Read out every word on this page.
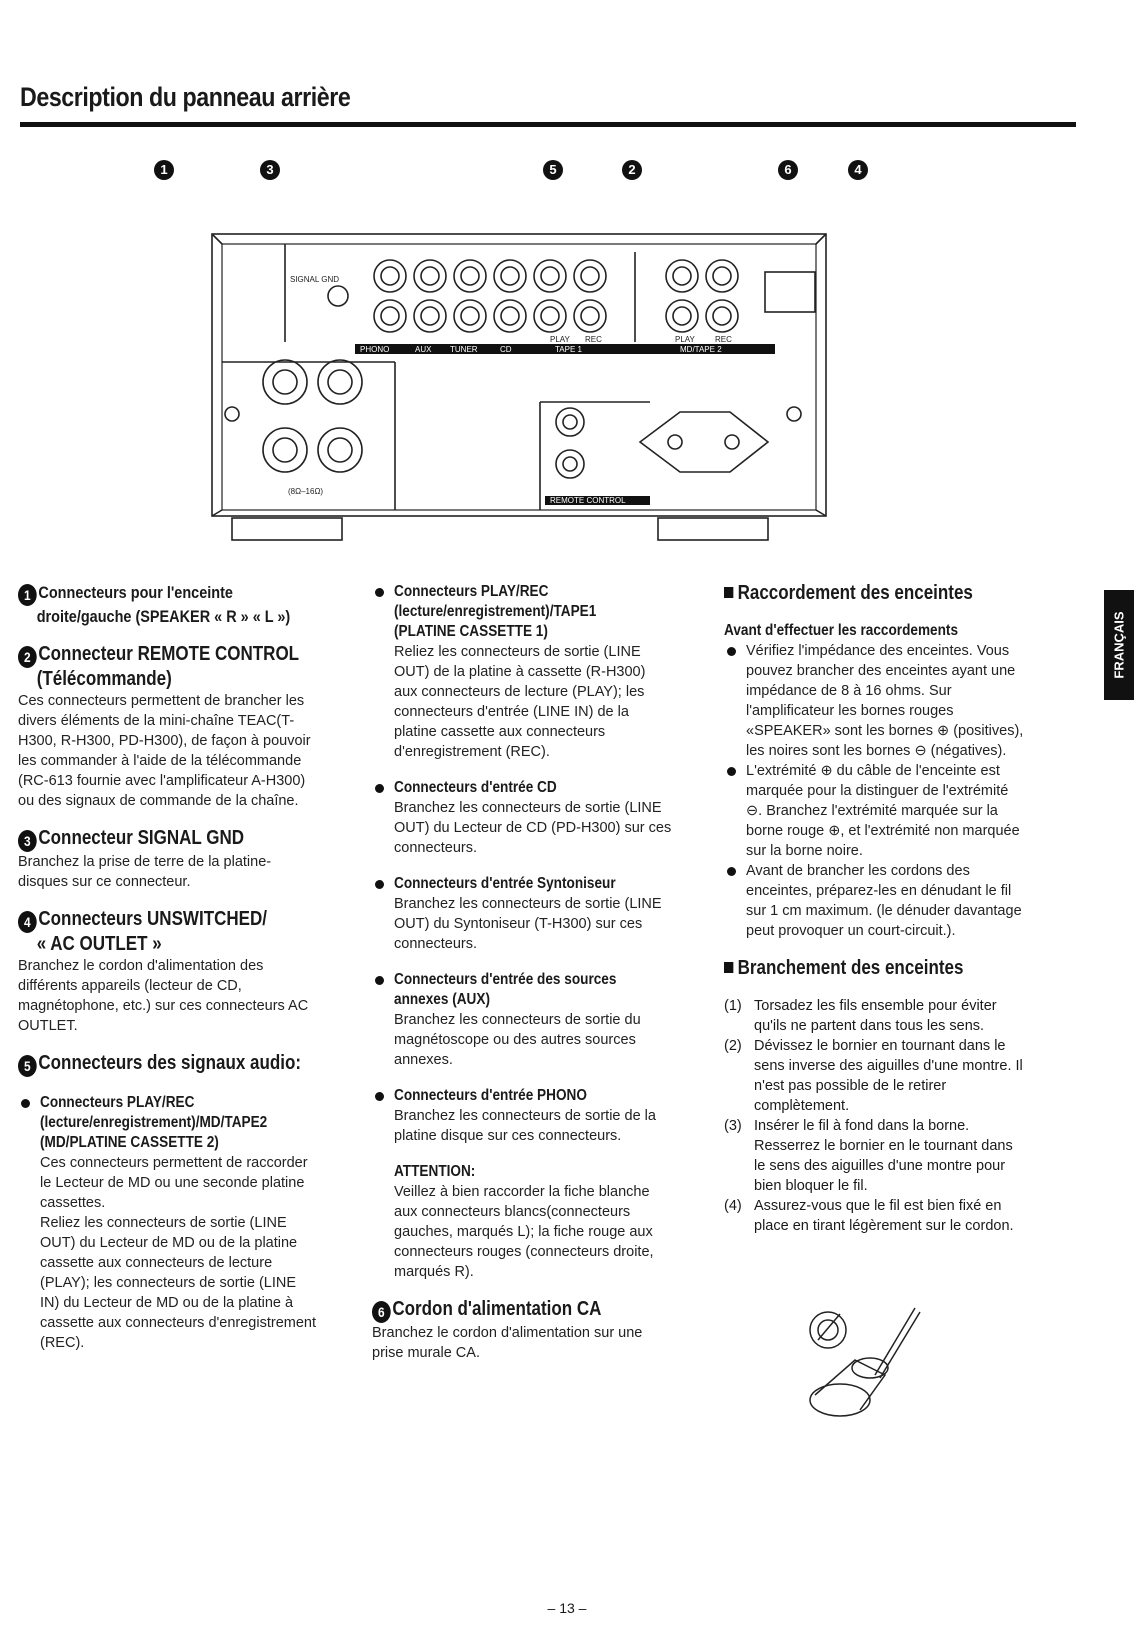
Description du panneau arrière
1	3	5	2	6	4
PHONO	AUX TUNER	CD	TAPE 1	MD/TAPE 2
PLAY REC	PLAY	REC
SIGNAL GND
(8Ω–16Ω)
REMOTE CONTROL
1 Connecteurs pour l'enceinte
droite/gauche (SPEAKER « R » « L »)
2 Connecteur REMOTE CONTROL
(Télécommande)

Ces connecteurs permettent de brancher les divers éléments de la mini-chaîne TEAC(T-H300, R-H300, PD-H300), de façon à pouvoir les commander à l'aide de la télécommande (RC-613 fournie avec l'amplificateur A-H300) ou des signaux de commande de la chaîne.

3 Connecteur SIGNAL GND

Branchez la prise de terre de la platine-disques sur ce connecteur.

4 Connecteurs UNSWITCHED/
« AC OUTLET »

Branchez le cordon d'alimentation des différents appareils (lecteur de CD, magnétophone, etc.) sur ces connecteurs AC OUTLET.

5 Connecteurs des signaux audio:
Connecteurs PLAY/REC
(lecture/enregistrement)/MD/TAPE2
(MD/PLATINE CASSETTE 2)

Ces connecteurs permettent de raccorder le Lecteur de MD ou une seconde platine cassettes.

Reliez les connecteurs de sortie (LINE OUT) du Lecteur de MD ou de la platine cassette aux connecteurs de lecture (PLAY); les connecteurs de sortie (LINE IN) du Lecteur de MD ou de la platine à cassette aux connecteurs d'enregistrement (REC).

Connecteurs PLAY/REC
(lecture/enregistrement)/TAPE1
(PLATINE CASSETTE 1)

Reliez les connecteurs de sortie (LINE OUT) de la platine à cassette (R-H300) aux connecteurs de lecture (PLAY); les connecteurs d'entrée (LINE IN) de la platine cassette aux connecteurs d'enregistrement (REC).

Connecteurs d'entrée CD

Branchez les connecteurs de sortie (LINE OUT) du Lecteur de CD (PD-H300) sur ces connecteurs.

Connecteurs d'entrée Syntoniseur

Branchez les connecteurs de sortie (LINE OUT) du Syntoniseur (T-H300) sur ces connecteurs.

Connecteurs d'entrée des sources
annexes (AUX)

Branchez les connecteurs de sortie du magnétoscope ou des autres sources annexes.

Connecteurs d'entrée PHONO

Branchez les connecteurs de sortie de la platine disque sur ces connecteurs.

ATTENTION:

Veillez à bien raccorder la fiche blanche aux connecteurs blancs(connecteurs gauches, marqués L); la fiche rouge aux connecteurs rouges (connecteurs droite, marqués R).

6 Cordon d'alimentation CA

Branchez le cordon d'alimentation sur une prise murale CA.

Raccordement des enceintes
Avant d'effectuer les raccordements

Vérifiez l'impédance des enceintes. Vous pouvez brancher des enceintes ayant une impédance de 8 à 16 ohms. Sur l'amplificateur les bornes rouges «SPEAKER» sont les bornes ⊕ (positives), les noires sont les bornes ⊖ (négatives).

L'extrémité ⊕ du câble de l'enceinte est marquée pour la distinguer de l'extrémité ⊖. Branchez l'extrémité marquée sur la borne rouge ⊕, et l'extrémité non marquée sur la borne noire.

Avant de brancher les cordons des enceintes, préparez-les en dénudant le fil sur 1 cm maximum. (le dénuder davantage peut provoquer un court-circuit.).

Branchement des enceintes
(1) Torsadez les fils ensemble pour éviter qu'ils ne partent dans tous les sens.
(2) Dévissez le bornier en tournant dans le sens inverse des aiguilles d'une montre. Il n'est pas possible de le retirer complètement.
(3) Insérer le fil à fond dans la borne. Resserrez le bornier en le tournant dans le sens des aiguilles d'une montre pour bien bloquer le fil.
(4) Assurez-vous que le fil est bien fixé en place en tirant légèrement sur le cordon.
FRANÇAIS
– 13 –
